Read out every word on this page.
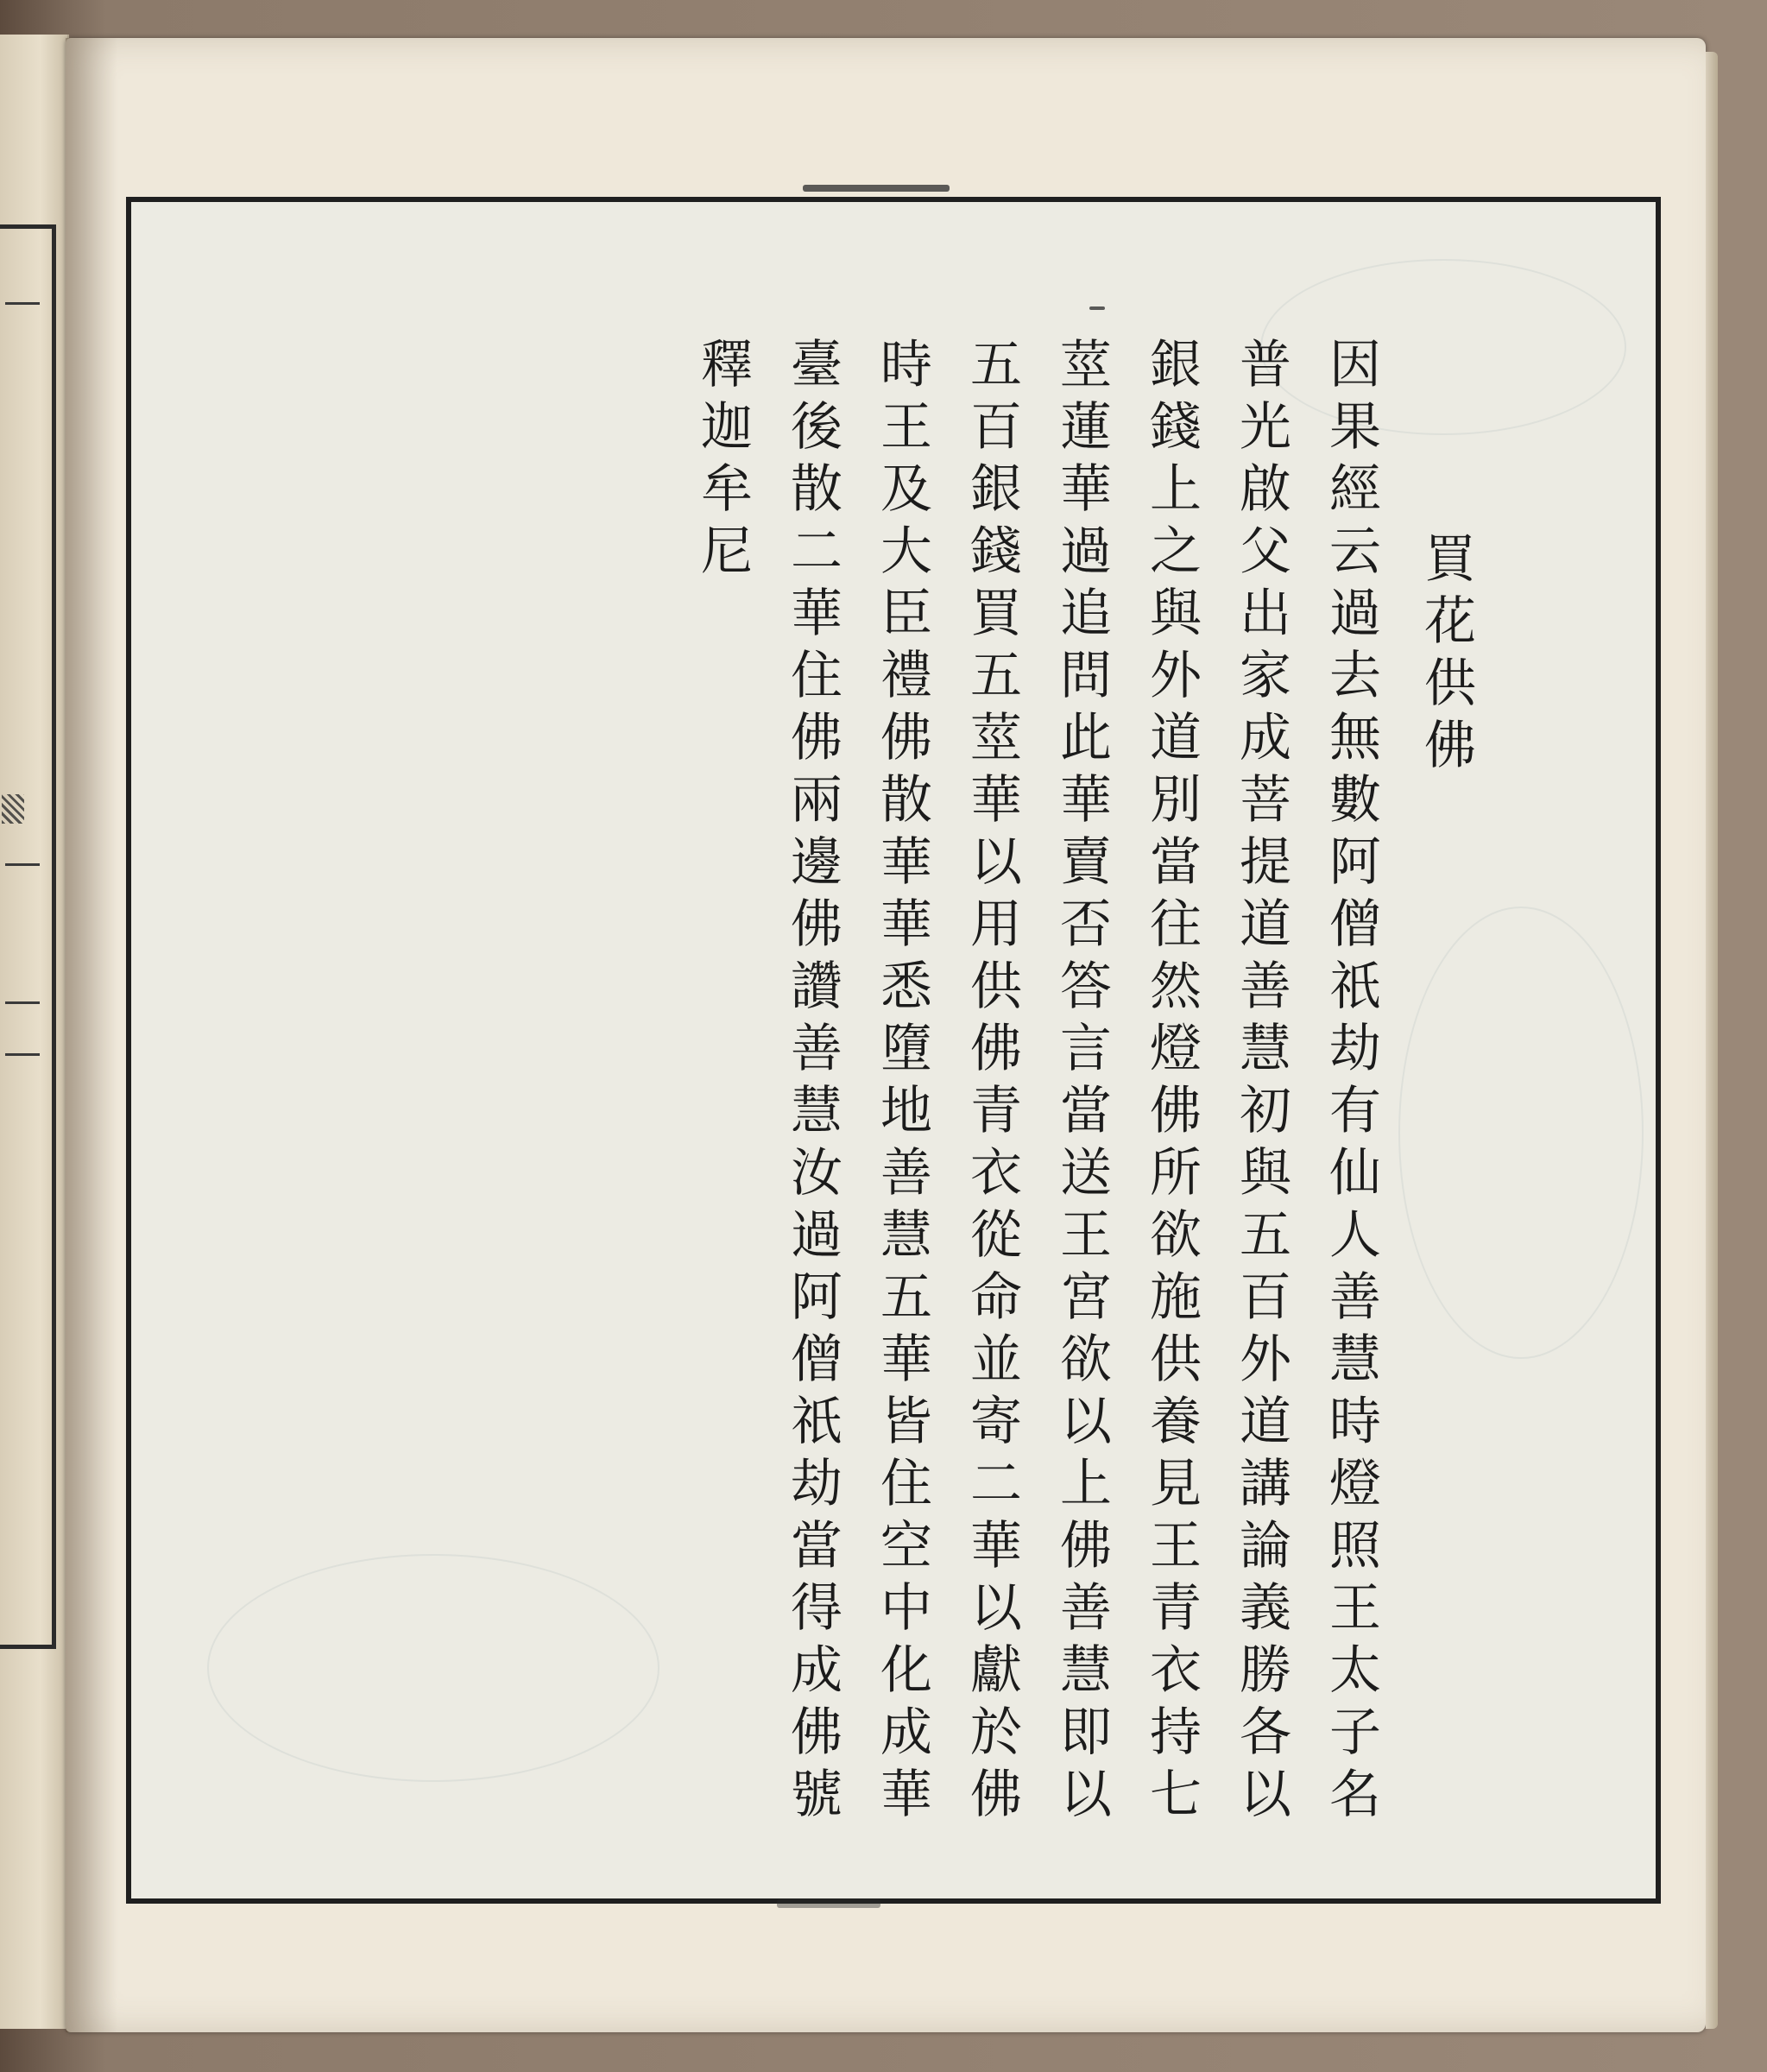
買花供佛
因果經云過去無數阿僧祇劫有仙人善慧時燈照王太子名
普光啟父出家成菩提道善慧初與五百外道講論義勝各以
銀錢上之與外道別當往然燈佛所欲施供養見王青衣持七
莖蓮華過追問此華賣否答言當送王宮欲以上佛善慧即以
五百銀錢買五莖華以用供佛青衣從命並寄二華以獻於佛
時王及大臣禮佛散華華悉墮地善慧五華皆住空中化成華
臺後散二華住佛兩邊佛讚善慧汝過阿僧祇劫當得成佛號
釋迦牟尼
